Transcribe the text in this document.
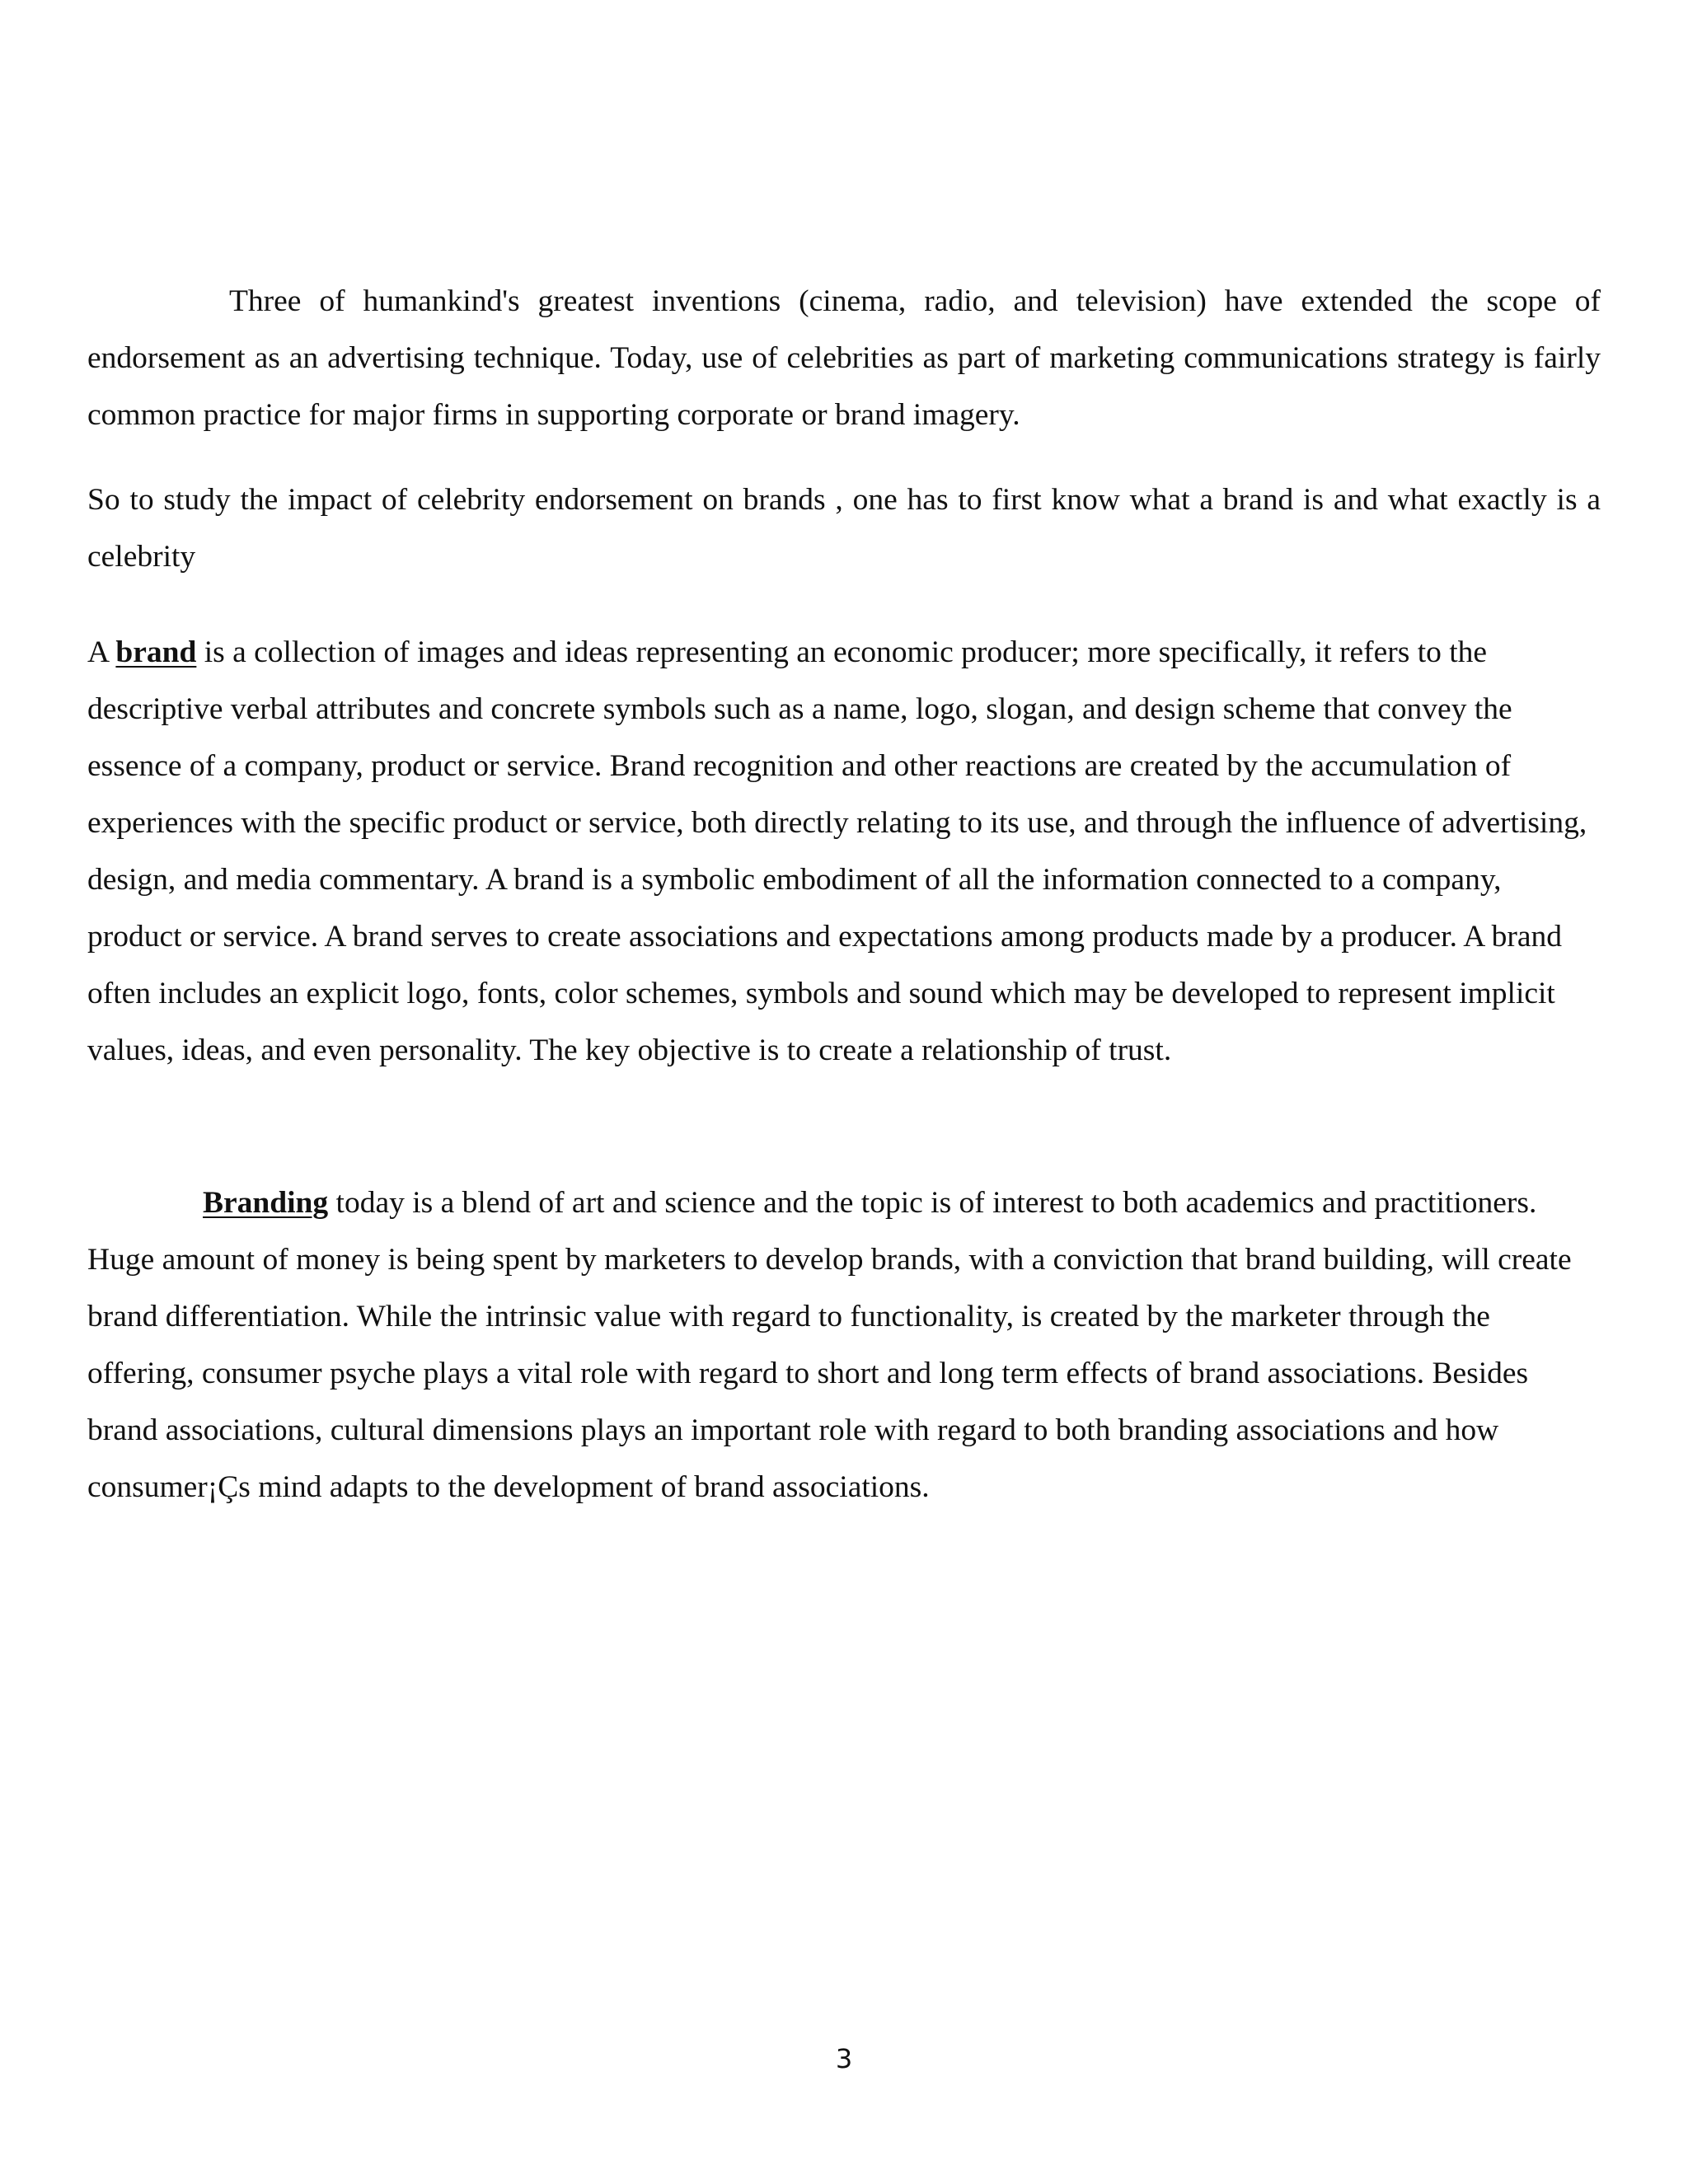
Three of humankind's greatest inventions (cinema, radio, and television) have extended the scope of endorsement as an advertising technique. Today, use of celebrities as part of marketing communications strategy is fairly common practice for major firms in supporting corporate or brand imagery.

So to study the impact of celebrity endorsement on brands , one has to first know what a brand is and what exactly is a celebrity

A brand is a collection of images and ideas representing an economic producer; more specifically, it refers to the descriptive verbal attributes and concrete symbols such as a name, logo, slogan, and design scheme that convey the essence of a company, product or service. Brand recognition and other reactions are created by the accumulation of experiences with the specific product or service, both directly relating to its use, and through the influence of advertising, design, and media commentary. A brand is a symbolic embodiment of all the information connected to a company, product or service. A brand serves to create associations and expectations among products made by a producer. A brand often includes an explicit logo, fonts, color schemes, symbols and sound which may be developed to represent implicit values, ideas, and even personality. The key objective is to create a relationship of trust.

Branding today is a blend of art and science and the topic is of interest to both academics and practitioners. Huge amount of money is being spent by marketers to develop brands, with a conviction that brand building, will create brand differentiation. While the intrinsic value with regard to functionality, is created by the marketer through the offering, consumer psyche plays a vital role with regard to short and long term effects of brand associations. Besides brand associations, cultural dimensions plays an important role with regard to both branding associations and how consumer¡Çs mind adapts to the development of brand associations.

3
